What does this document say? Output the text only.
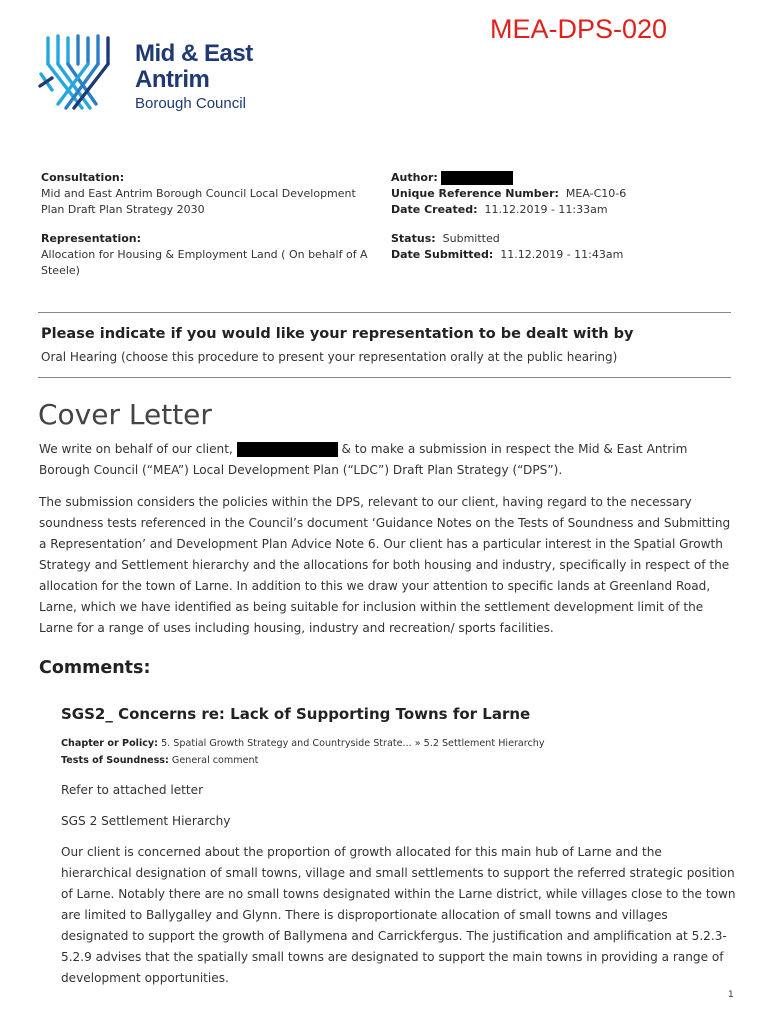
MEA-DPS-020
Mid & East
Antrim
Borough Council
Consultation:
Mid and East Antrim Borough Council Local Development Plan Draft Plan Strategy 2030
Representation:
Allocation for Housing & Employment Land ( On behalf of A Steele)
Author:
Unique Reference Number: MEA-C10-6
Date Created: 11.12.2019 - 11:33am
Status: Submitted
Date Submitted: 11.12.2019 - 11:43am
Please indicate if you would like your representation to be dealt with by
Oral Hearing (choose this procedure to present your representation orally at the public hearing)
Cover Letter

We write on behalf of our client,	& to make a submission in respect the Mid & East Antrim Borough Council (“MEA”) Local Development Plan (“LDC”) Draft Plan Strategy (“DPS”).

The submission considers the policies within the DPS, relevant to our client, having regard to the necessary soundness tests referenced in the Council’s document ‘Guidance Notes on the Tests of Soundness and Submitting a Representation’ and Development Plan Advice Note 6. Our client has a particular interest in the Spatial Growth Strategy and Settlement hierarchy and the allocations for both housing and industry, specifically in respect of the allocation for the town of Larne. In addition to this we draw your attention to specific lands at Greenland Road, Larne, which we have identified as being suitable for inclusion within the settlement development limit of the Larne for a range of uses including housing, industry and recreation/ sports facilities.

Comments:
SGS2_ Concerns re: Lack of Supporting Towns for Larne
Chapter or Policy: 5. Spatial Growth Strategy and Countryside Strate... » 5.2 Settlement Hierarchy
Tests of Soundness: General comment

Refer to attached letter

SGS 2 Settlement Hierarchy

Our client is concerned about the proportion of growth allocated for this main hub of Larne and the hierarchical designation of small towns, village and small settlements to support the referred strategic position of Larne. Notably there are no small towns designated within the Larne district, while villages close to the town are limited to Ballygalley and Glynn. There is disproportionate allocation of small towns and villages designated to support the growth of Ballymena and Carrickfergus. The justification and amplification at 5.2.3-5.2.9 advises that the spatially small towns are designated to support the main towns in providing a range of development opportunities.

1
